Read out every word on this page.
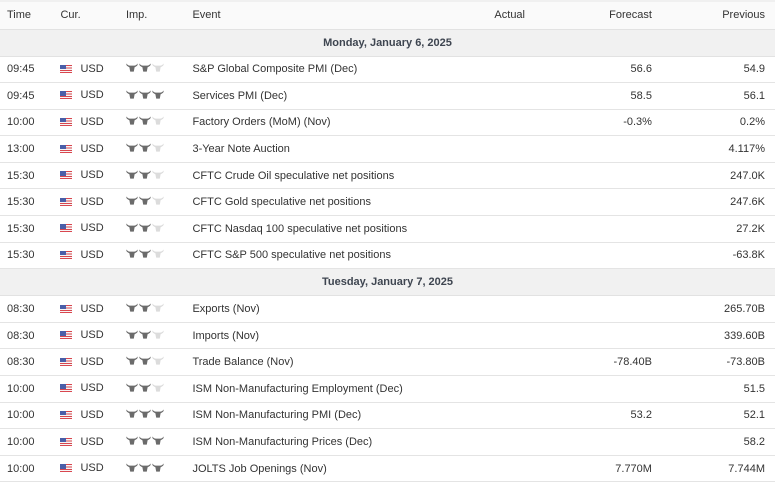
Time	Cur.	Imp.	Event	Actual	Forecast	Previous
Monday, January 6, 2025						
09:45	USD		S&P Global Composite PMI (Dec)		56.6	54.9
09:45	USD		Services PMI (Dec)		58.5	56.1
10:00	USD		Factory Orders (MoM) (Nov)		-0.3%	0.2%
13:00	USD		3-Year Note Auction			4.117%
15:30	USD		CFTC Crude Oil speculative net positions			247.0K
15:30	USD		CFTC Gold speculative net positions			247.6K
15:30	USD		CFTC Nasdaq 100 speculative net positions			27.2K
15:30	USD		CFTC S&P 500 speculative net positions			-63.8K
Tuesday, January 7, 2025						
08:30	USD		Exports (Nov)			265.70B
08:30	USD		Imports (Nov)			339.60B
08:30	USD		Trade Balance (Nov)		-78.40B	-73.80B
10:00	USD		ISM Non-Manufacturing Employment (Dec)			51.5
10:00	USD		ISM Non-Manufacturing PMI (Dec)		53.2	52.1
10:00	USD		ISM Non-Manufacturing Prices (Dec)			58.2
10:00	USD		JOLTS Job Openings (Nov)		7.770M	7.744M
